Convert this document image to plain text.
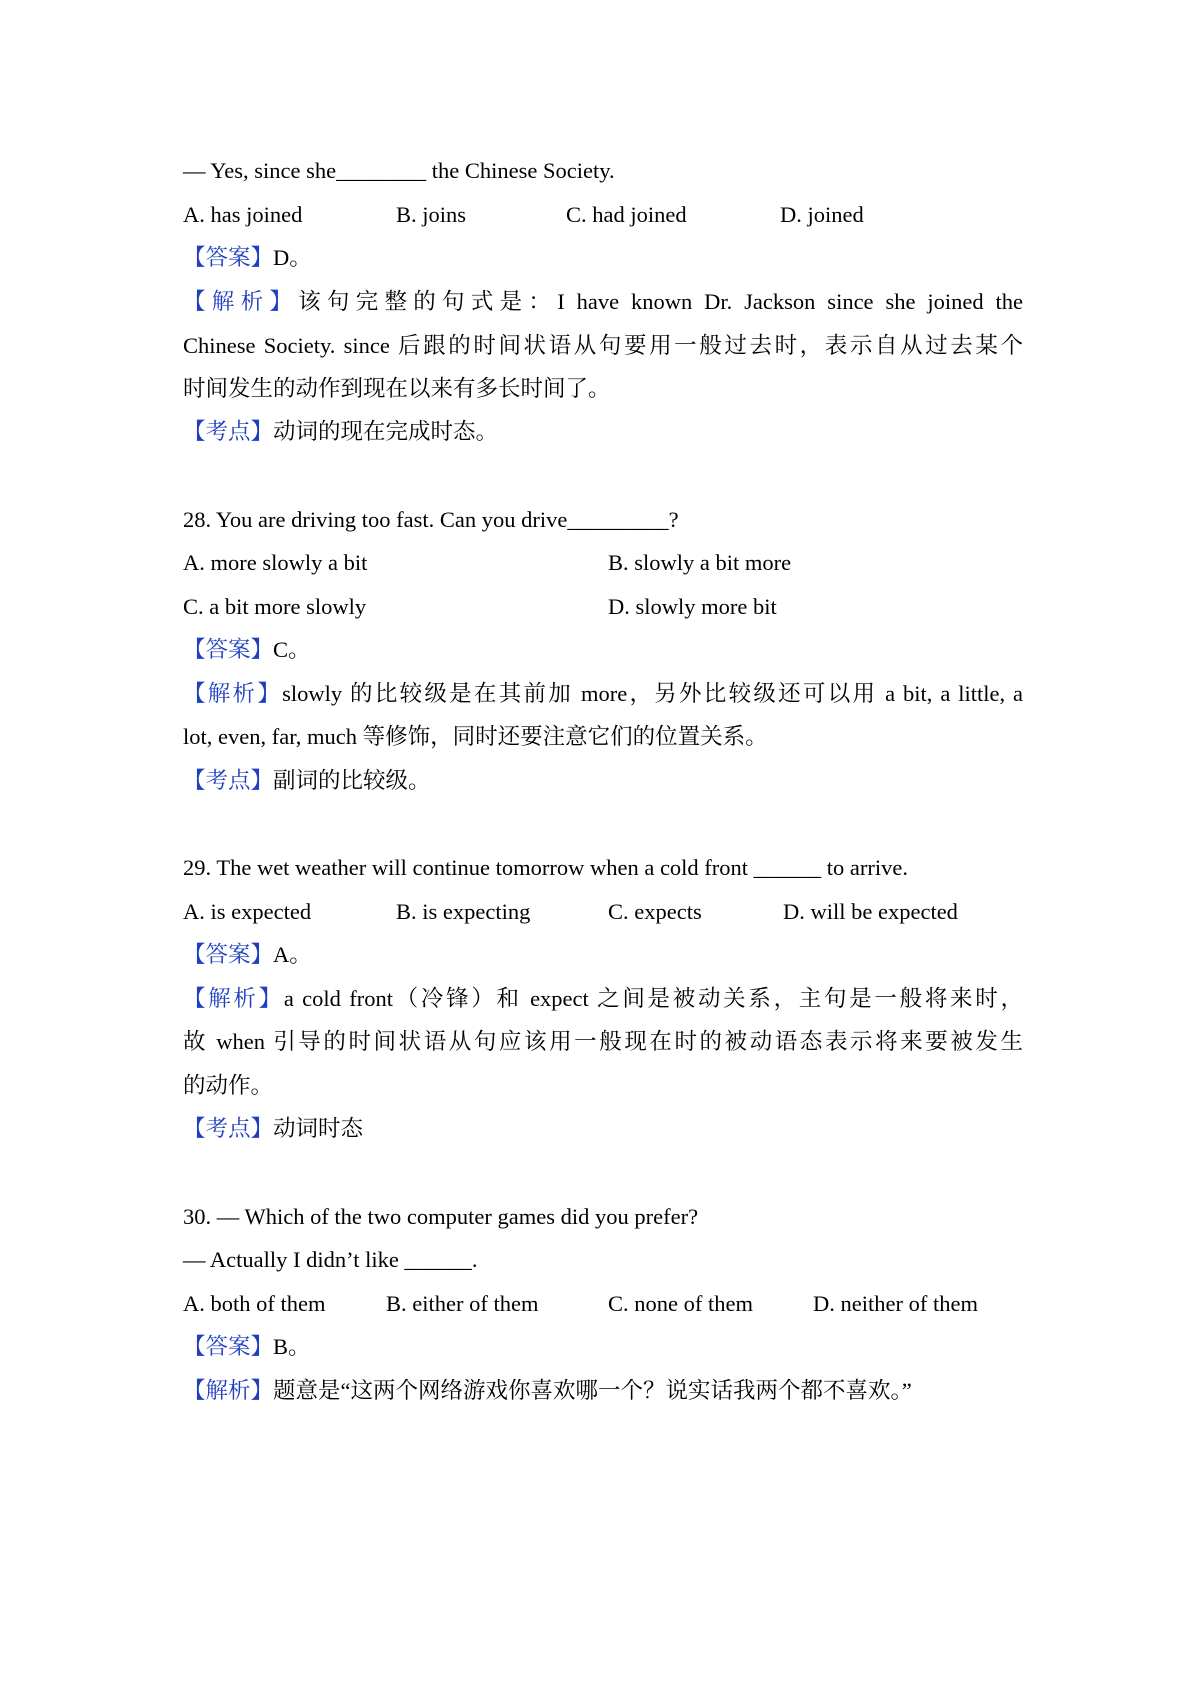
— Yes, since she________ the Chinese Society.
A. has joined	B. joins	C. had joined	D. joined
【答案】D。
【解析】该句完整的句式是：I have known Dr. Jackson since she joined the
Chinese Society. since 后跟的时间状语从句要用一般过去时，表示自从过去某个
时间发生的动作到现在以来有多长时间了。
【考点】动词的现在完成时态。
28. You are driving too fast. Can you drive_________?
A. more slowly a bit	B. slowly a bit more
C. a bit more slowly	D. slowly more bit
【答案】C。
【解析】slowly 的比较级是在其前加 more，另外比较级还可以用 a bit, a little, a
lot, even, far, much 等修饰，同时还要注意它们的位置关系。
【考点】副词的比较级。
29. The wet weather will continue tomorrow when a cold front ______ to arrive.
A. is expected	B. is expecting	C. expects	D. will be expected
【答案】A。
【解析】a cold front（冷锋）和 expect 之间是被动关系，主句是一般将来时，
故 when 引导的时间状语从句应该用一般现在时的被动语态表示将来要被发生
的动作。
【考点】动词时态
30. — Which of the two computer games did you prefer?
— Actually I didn’t like ______.
A. both of them	B. either of them	C. none of them	D. neither of them
【答案】B。
【解析】题意是“这两个网络游戏你喜欢哪一个？说实话我两个都不喜欢。”
